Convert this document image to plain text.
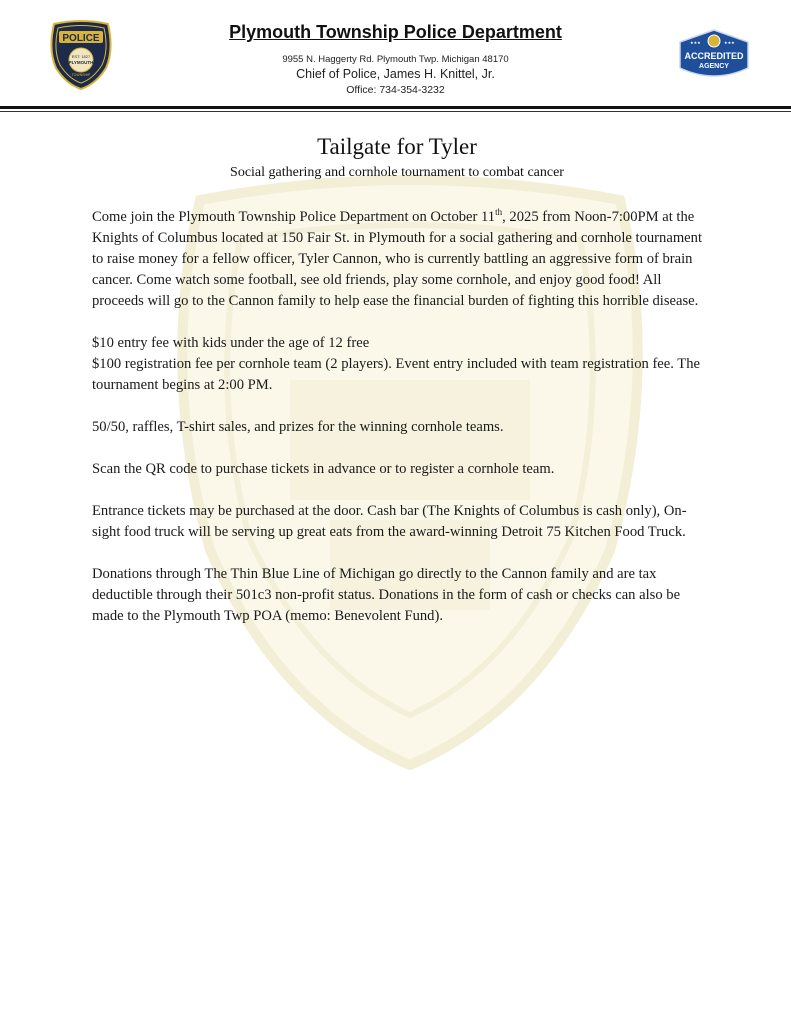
POLICE
EST. 1827
PLYMOUTH
TOWNSHIP
Plymouth Township Police Department
9955 N. Haggerty Rd. Plymouth Twp. Michigan 48170
Chief of Police, James H. Knittel, Jr.
Office: 734-354-3232
★★★	★★★
ACCREDITED
AGENCY
Tailgate for Tyler
Social gathering and cornhole tournament to combat cancer

Come join the Plymouth Township Police Department on October 11th, 2025 from Noon-7:00PM at the Knights of Columbus located at 150 Fair St. in Plymouth for a social gathering and cornhole tournament to raise money for a fellow officer, Tyler Cannon, who is currently battling an aggressive form of brain cancer. Come watch some football, see old friends, play some cornhole, and enjoy good food! All proceeds will go to the Cannon family to help ease the financial burden of fighting this horrible disease.

$10 entry fee with kids under the age of 12 free
$100 registration fee per cornhole team (2 players). Event entry included with team registration fee. The tournament begins at 2:00 PM.

50/50, raffles, T-shirt sales, and prizes for the winning cornhole teams.

Scan the QR code to purchase tickets in advance or to register a cornhole team.

Entrance tickets may be purchased at the door. Cash bar (The Knights of Columbus is cash only), On-sight food truck will be serving up great eats from the award-winning Detroit 75 Kitchen Food Truck.

Donations through The Thin Blue Line of Michigan go directly to the Cannon family and are tax deductible through their 501c3 non-profit status. Donations in the form of cash or checks can also be made to the Plymouth Twp POA (memo: Benevolent Fund).
